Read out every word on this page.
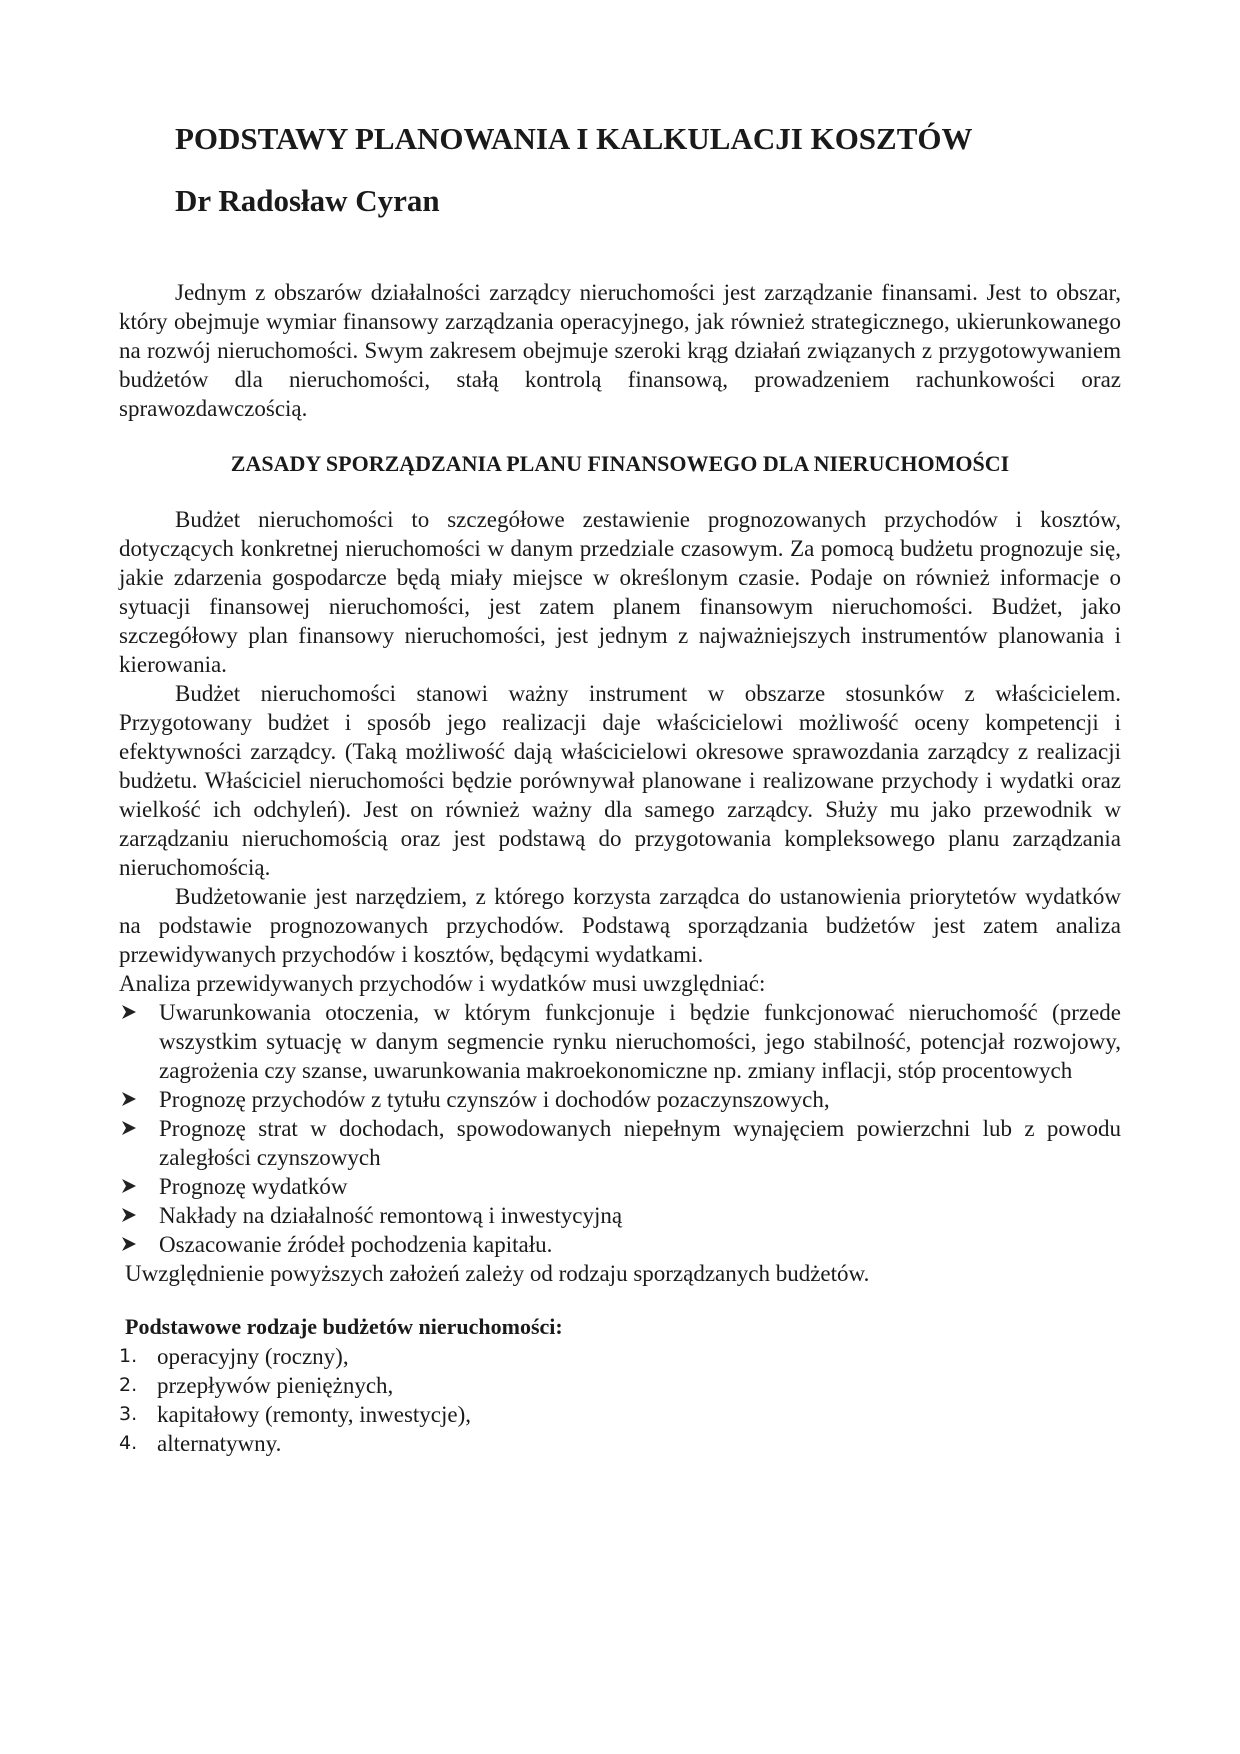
PODSTAWY PLANOWANIA I KALKULACJI KOSZTÓW
Dr Radosław Cyran

Jednym z obszarów działalności zarządcy nieruchomości jest zarządzanie finansami. Jest to obszar, który obejmuje wymiar finansowy zarządzania operacyjnego, jak również strategicznego, ukierunkowanego na rozwój nieruchomości. Swym zakresem obejmuje szeroki krąg działań związanych z przygotowywaniem budżetów dla nieruchomości, stałą kontrolą finansową, prowadzeniem rachunkowości oraz sprawozdawczością.

ZASADY SPORZĄDZANIA PLANU FINANSOWEGO DLA NIERUCHOMOŚCI

Budżet nieruchomości to szczegółowe zestawienie prognozowanych przychodów i kosztów, dotyczących konkretnej nieruchomości w danym przedziale czasowym. Za pomocą budżetu prognozuje się, jakie zdarzenia gospodarcze będą miały miejsce w określonym czasie. Podaje on również informacje o sytuacji finansowej nieruchomości, jest zatem planem finansowym nieruchomości. Budżet, jako szczegółowy plan finansowy nieruchomości, jest jednym z najważniejszych instrumentów planowania i kierowania.

Budżet nieruchomości stanowi ważny instrument w obszarze stosunków z właścicielem. Przygotowany budżet i sposób jego realizacji daje właścicielowi możliwość oceny kompetencji i efektywności zarządcy. (Taką możliwość dają właścicielowi okresowe sprawozdania zarządcy z realizacji budżetu. Właściciel nieruchomości będzie porównywał planowane i realizowane przychody i wydatki oraz wielkość ich odchyleń). Jest on również ważny dla samego zarządcy. Służy mu jako przewodnik w zarządzaniu nieruchomością oraz jest podstawą do przygotowania kompleksowego planu zarządzania nieruchomością.

Budżetowanie jest narzędziem, z którego korzysta zarządca do ustanowienia priorytetów wydatków na podstawie prognozowanych przychodów. Podstawą sporządzania budżetów jest zatem analiza przewidywanych przychodów i kosztów, będącymi wydatkami.

Analiza przewidywanych przychodów i wydatków musi uwzględniać:

Uwarunkowania otoczenia, w którym funkcjonuje i będzie funkcjonować nieruchomość (przede wszystkim sytuację w danym segmencie rynku nieruchomości, jego stabilność, potencjał rozwojowy, zagrożenia czy szanse, uwarunkowania makroekonomiczne np. zmiany inflacji, stóp procentowych
Prognozę przychodów z tytułu czynszów i dochodów pozaczynszowych,
Prognozę strat w dochodach, spowodowanych niepełnym wynajęciem powierzchni lub z powodu zaległości czynszowych
Prognozę wydatków
Nakłady na działalność remontową i inwestycyjną
Oszacowanie źródeł pochodzenia kapitału.

Uwzględnienie powyższych założeń zależy od rodzaju sporządzanych budżetów.

Podstawowe rodzaje budżetów nieruchomości:
1. operacyjny (roczny),
2. przepływów pieniężnych,
3. kapitałowy (remonty, inwestycje),
4. alternatywny.
